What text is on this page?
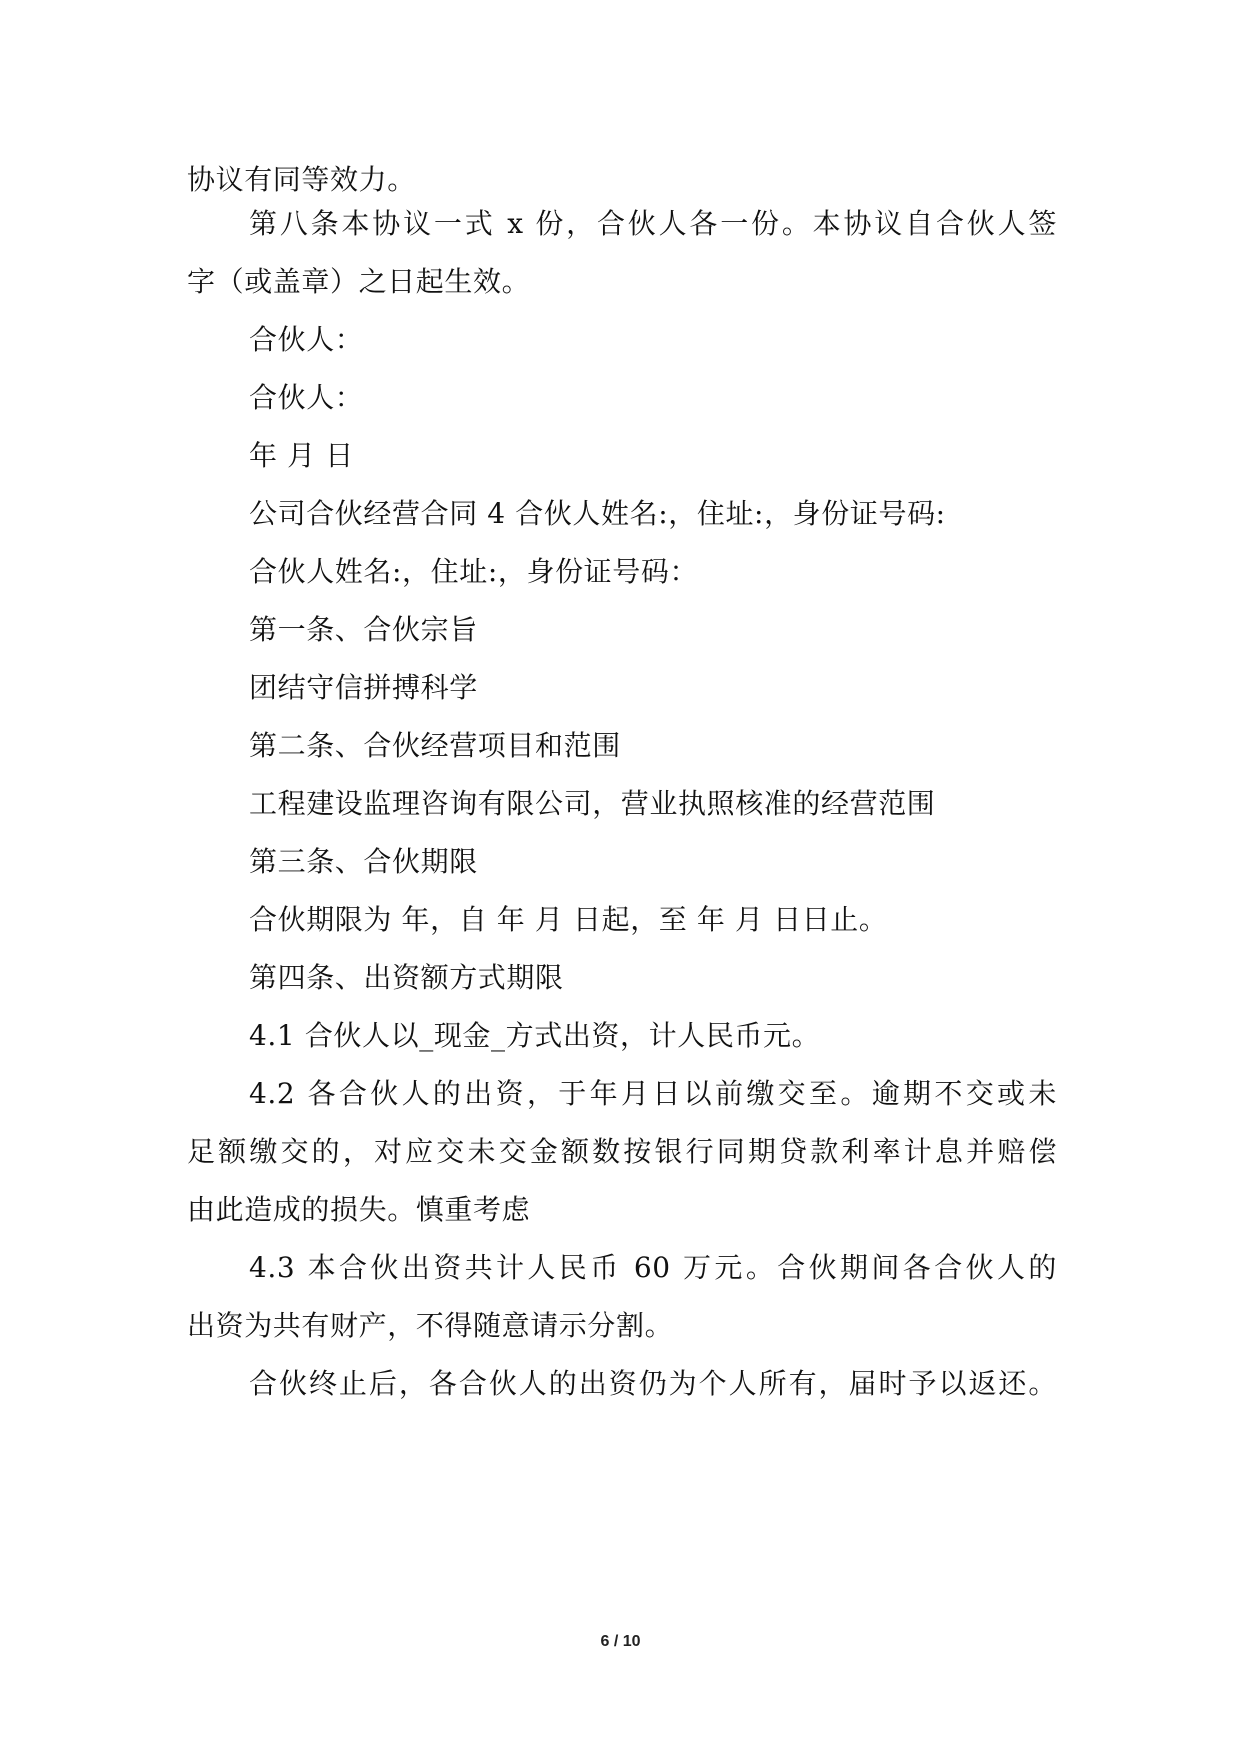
协议有同等效力。
第八条本协议一式 x 份，合伙人各一份。本协议自合伙人签
字（或盖章）之日起生效。
合伙人：
合伙人：
年 月 日
公司合伙经营合同 4 合伙人姓名:，住址:，身份证号码:
合伙人姓名:，住址:，身份证号码：
第一条、合伙宗旨
团结守信拼搏科学
第二条、合伙经营项目和范围
工程建设监理咨询有限公司，营业执照核准的经营范围
第三条、合伙期限
合伙期限为 年，自 年 月 日起，至 年 月 日日止。
第四条、出资额方式期限
4.1 合伙人以_现金_方式出资，计人民币元。
4.2 各合伙人的出资，于年月日以前缴交至。逾期不交或未
足额缴交的，对应交未交金额数按银行同期贷款利率计息并赔偿
由此造成的损失。慎重考虑
4.3 本合伙出资共计人民币 60 万元。合伙期间各合伙人的
出资为共有财产，不得随意请示分割。
合伙终止后，各合伙人的出资仍为个人所有，届时予以返还。
6 / 10
